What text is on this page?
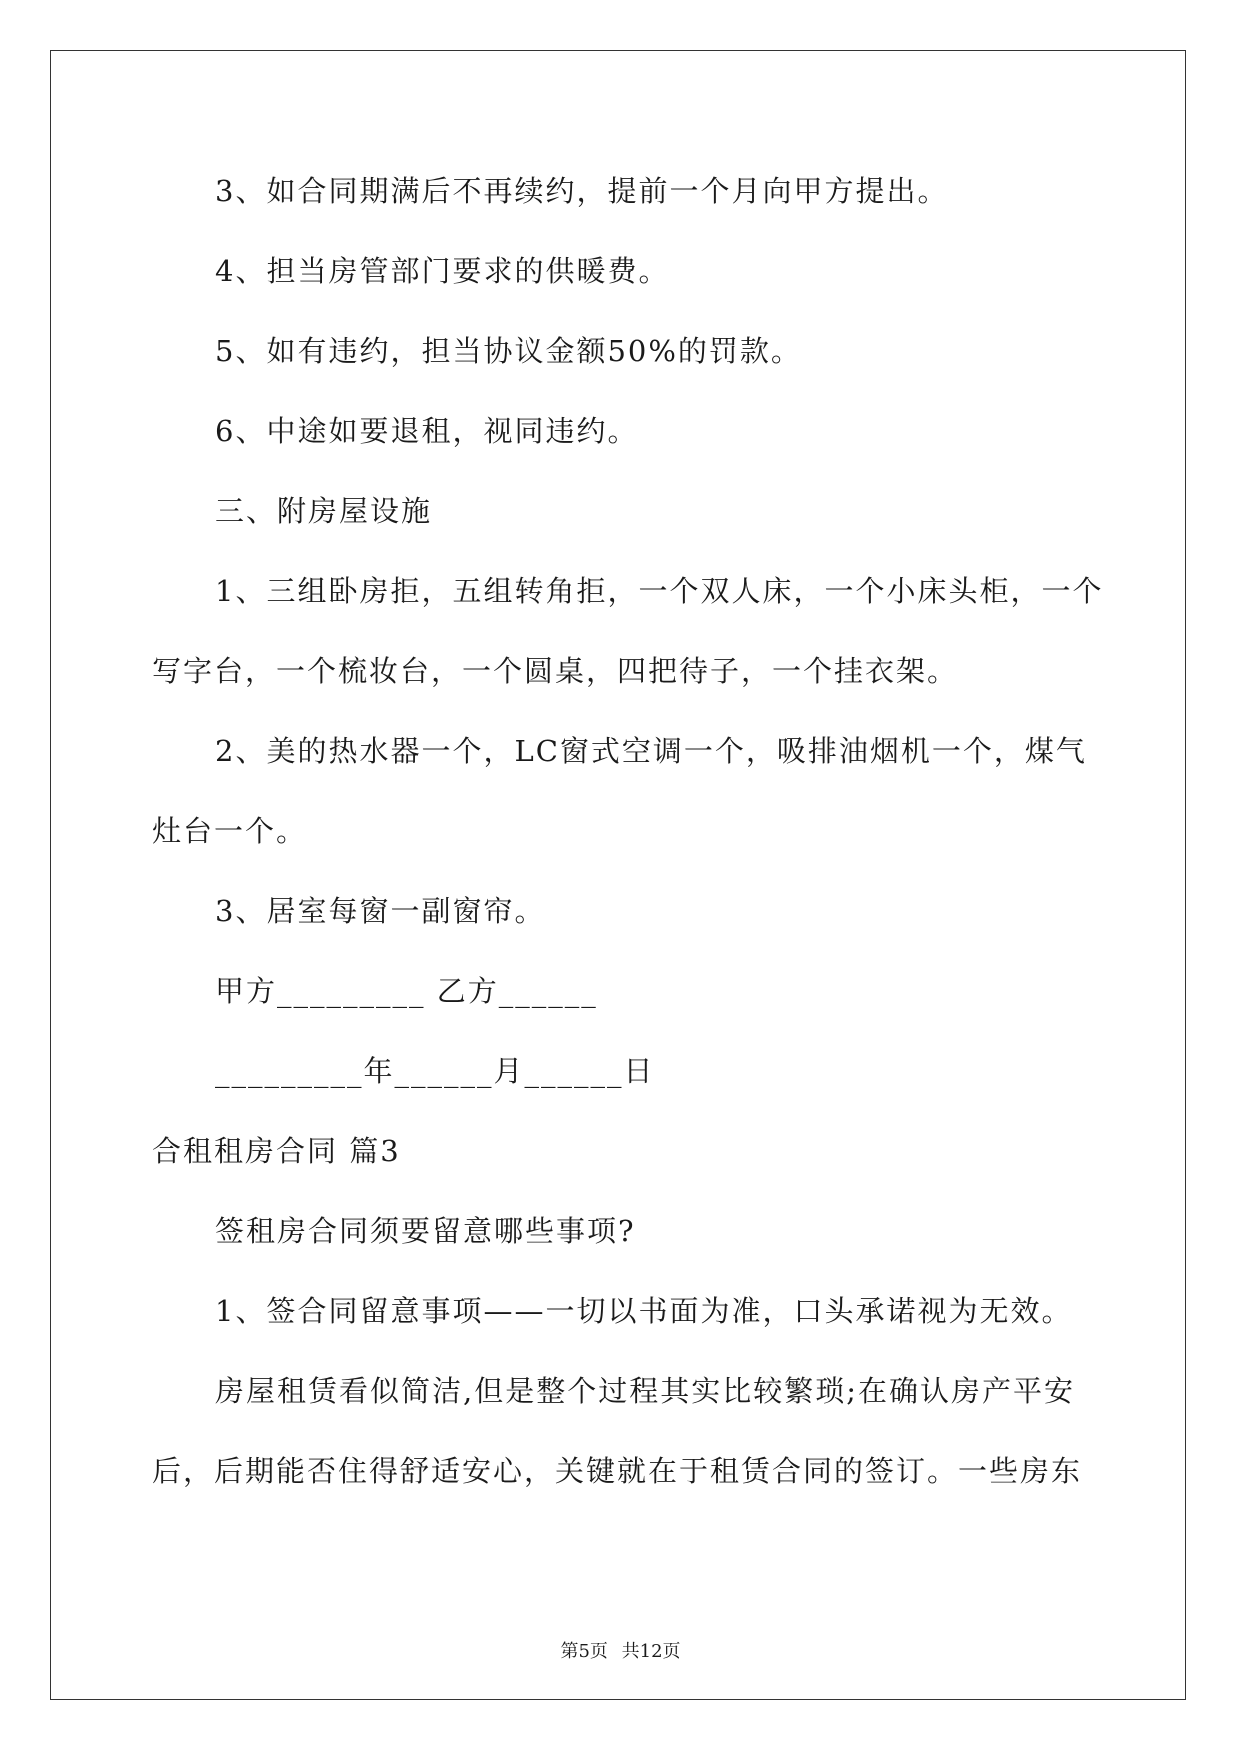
3、如合同期满后不再续约，提前一个月向甲方提出。
4、担当房管部门要求的供暖费。
5、如有违约，担当协议金额50%的罚款。
6、中途如要退租，视同违约。
三、附房屋设施
1、三组卧房拒，五组转角拒，一个双人床，一个小床头柜，一个
写字台，一个梳妆台，一个圆桌，四把待子，一个挂衣架。
2、美的热水器一个，LC窗式空调一个，吸排油烟机一个，煤气
灶台一个。
3、居室每窗一副窗帘。
甲方_________ 乙方______
_________年______月______日
合租租房合同 篇3
签租房合同须要留意哪些事项?
1、签合同留意事项——一切以书面为准，口头承诺视为无效。
房屋租赁看似简洁,但是整个过程其实比较繁琐;在确认房产平安
后，后期能否住得舒适安心，关键就在于租赁合同的签订。一些房东
第5页 共12页
